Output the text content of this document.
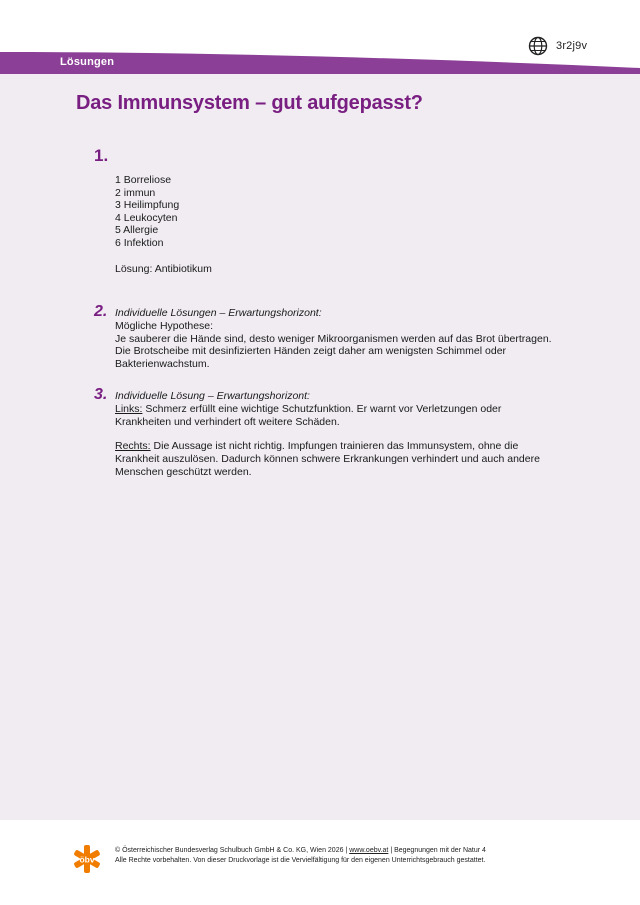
3r2j9v
Lösungen
Das Immunsystem – gut aufgepasst?
1.
1 Borreliose
2 immun
3 Heilimpfung
4 Leukocyten
5 Allergie
6 Infektion
Lösung: Antibiotikum
2. Individuelle Lösungen – Erwartungshorizont:

Mögliche Hypothese:

Je sauberer die Hände sind, desto weniger Mikroorganismen werden auf das Brot übertragen.

Die Brotscheibe mit desinfizierten Händen zeigt daher am wenigsten Schimmel oder

Bakterienwachstum.

3. Individuelle Lösung – Erwartungshorizont:

Links: Schmerz erfüllt eine wichtige Schutzfunktion. Er warnt vor Verletzungen oder

Krankheiten und verhindert oft weitere Schäden.

Rechts: Die Aussage ist nicht richtig. Impfungen trainieren das Immunsystem, ohne die

Krankheit auszulösen. Dadurch können schwere Erkrankungen verhindert und auch andere

Menschen geschützt werden.

öbv
© Österreichischer Bundesverlag Schulbuch GmbH & Co. KG, Wien 2026 | www.oebv.at | Begegnungen mit der Natur 4
Alle Rechte vorbehalten. Von dieser Druckvorlage ist die Vervielfältigung für den eigenen Unterrichtsgebrauch gestattet.
